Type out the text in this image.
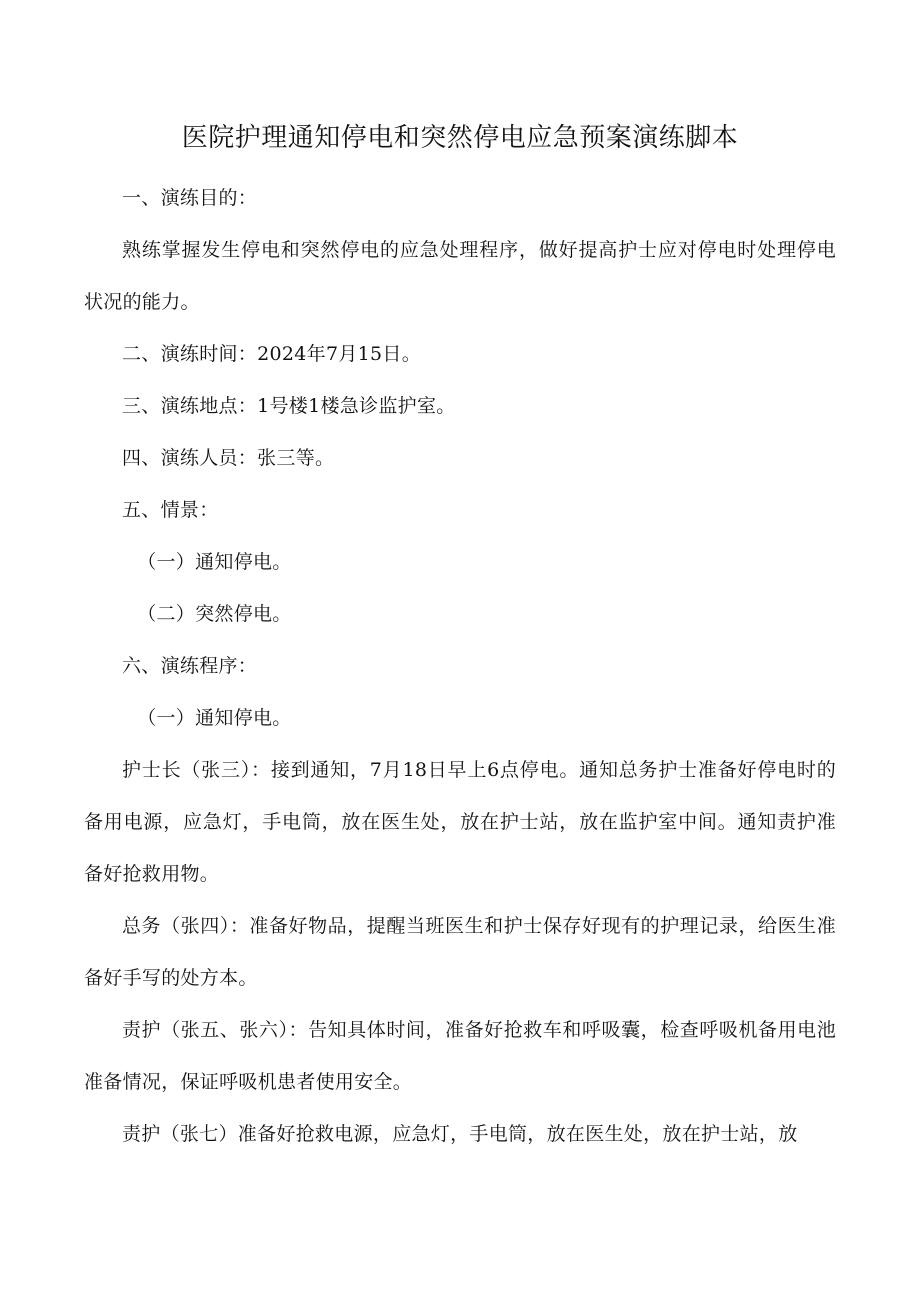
医院护理通知停电和突然停电应急预案演练脚本

一、演练目的：

熟练掌握发生停电和突然停电的应急处理程序，做好提高护士应对停电时处理停电状况的能力。

二、演练时间：2024年7月15日。

三、演练地点：1号楼1楼急诊监护室。

四、演练人员：张三等。

五、情景：

（一）通知停电。

（二）突然停电。

六、演练程序：

（一）通知停电。

护士长（张三）：接到通知，7月18日早上6点停电。通知总务护士准备好停电时的备用电源，应急灯，手电筒，放在医生处，放在护士站，放在监护室中间。通知责护准备好抢救用物。

总务（张四）：准备好物品，提醒当班医生和护士保存好现有的护理记录，给医生准备好手写的处方本。

责护（张五、张六）：告知具体时间，准备好抢救车和呼吸囊，检查呼吸机备用电池准备情况，保证呼吸机患者使用安全。

责护（张七）准备好抢救电源，应急灯，手电筒，放在医生处，放在护士站，放
